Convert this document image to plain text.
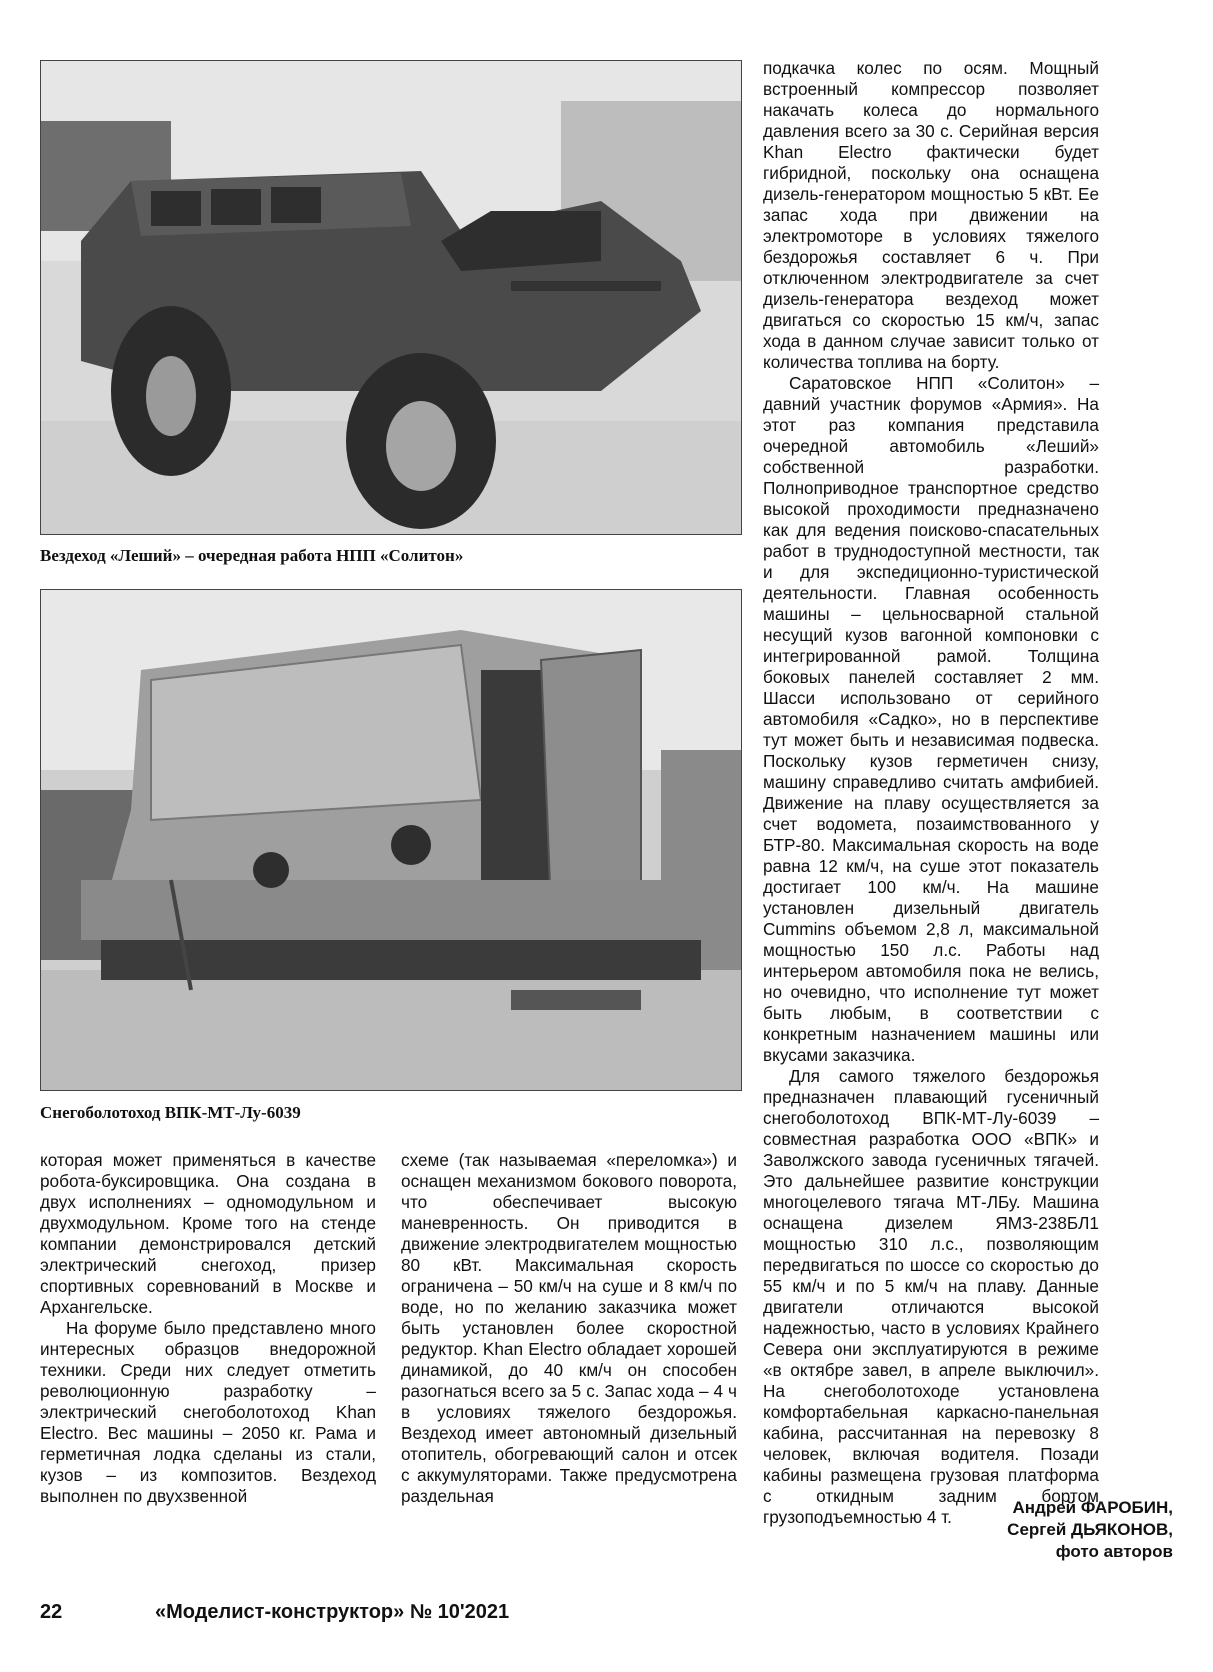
Вездеход «Леший» – очередная работа НПП «Солитон»
Снегоболотоход ВПК-МТ-Лу-6039

подкачка колес по осям. Мощный встроенный компрессор позволяет накачать колеса до нормального давления всего за 30 с. Серийная версия Khan Electro фактически будет гибридной, поскольку она оснащена дизель-генератором мощностью 5 кВт. Ее запас хода при движении на электромоторе в условиях тяжелого бездорожья составляет 6 ч. При отключенном электродвигателе за счет дизель-генератора вездеход может двигаться со скоростью 15 км/ч, запас хода в данном случае зависит только от количества топлива на борту.

Саратовское НПП «Солитон» – давний участник форумов «Армия». На этот раз компания представила очередной автомобиль «Леший» собственной разработки. Полноприводное транспортное средство высокой проходимости предназначено как для ведения поисково-спасательных работ в труднодоступной местности, так и для экспедиционно-туристической деятельности. Главная особенность машины – цельносварной стальной несущий кузов вагонной компоновки с интегрированной рамой. Толщина боковых панелей составляет 2 мм. Шасси использовано от серийного автомобиля «Садко», но в перспективе тут может быть и независимая подвеска. Поскольку кузов герметичен снизу, машину справедливо считать амфибией. Движение на плаву осуществляется за счет водомета, позаимствованного у БТР-80. Максимальная скорость на воде равна 12 км/ч, на суше этот показатель достигает 100 км/ч. На машине установлен дизельный двигатель Cummins объемом 2,8 л, максимальной мощностью 150 л.с. Работы над интерьером автомобиля пока не велись, но очевидно, что исполнение тут может быть любым, в соответствии с конкретным назначением машины или вкусами заказчика.

Для самого тяжелого бездорожья предназначен плавающий гусеничный снегоболотоход ВПК-МТ-Лу-6039 – совместная разработка ООО «ВПК» и Заволжского завода гусеничных тягачей. Это дальнейшее развитие конструкции многоцелевого тягача МТ-ЛБу. Машина оснащена дизелем ЯМЗ-238БЛ1 мощностью 310 л.с., позволяющим передвигаться по шоссе со скоростью до 55 км/ч и по 5 км/ч на плаву. Данные двигатели отличаются высокой надежностью, часто в условиях Крайнего Севера они эксплуатируются в режиме «в октябре завел, в апреле выключил». На снегоболотоходе установлена комфортабельная каркасно-панельная кабина, рассчитанная на перевозку 8 человек, включая водителя. Позади кабины размещена грузовая платформа с откидным задним бортом грузоподъемностью 4 т.

которая может применяться в качестве робота-буксировщика. Она создана в двух исполнениях – одномодульном и двухмодульном. Кроме того на стенде компании демонстрировался детский электрический снегоход, призер спортивных соревнований в Москве и Архангельске.

На форуме было представлено много интересных образцов внедорожной техники. Среди них следует отметить революционную разработку – электрический снегоболотоход Khan Electro. Вес машины – 2050 кг. Рама и герметичная лодка сделаны из стали, кузов – из композитов. Вездеход выполнен по двухзвенной

схеме (так называемая «переломка») и оснащен механизмом бокового поворота, что обеспечивает высокую маневренность. Он приводится в движение электродвигателем мощностью 80 кВт. Максимальная скорость ограничена – 50 км/ч на суше и 8 км/ч по воде, но по желанию заказчика может быть установлен более скоростной редуктор. Khan Electro обладает хорошей динамикой, до 40 км/ч он способен разогнаться всего за 5 с. Запас хода – 4 ч в условиях тяжелого бездорожья. Вездеход имеет автономный дизельный отопитель, обогревающий салон и отсек с аккумуляторами. Также предусмотрена раздельная

Андрей ФАРОБИН,
Сергей ДЬЯКОНОВ,
фото авторов
22	«Моделист-конструктор» № 10'2021
